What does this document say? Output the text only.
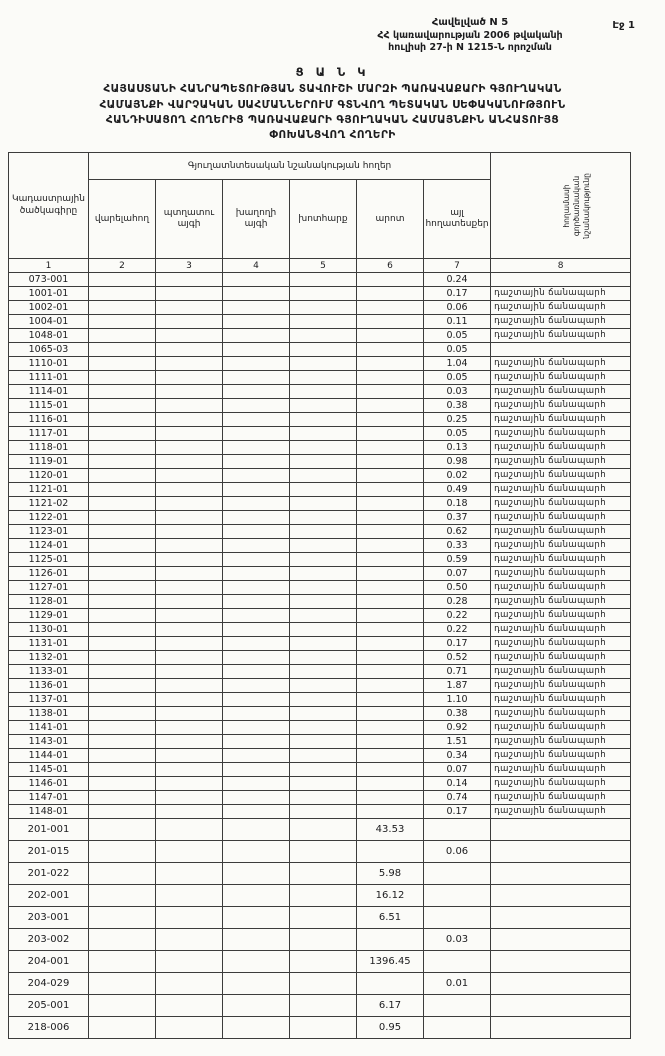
Էջ 1
Հավելված N 5
ՀՀ կառավարության 2006 թվականի
հուլիսի 27-ի N 1215-Ն որոշման
Ց Ա Ն Կ
ՀԱՅԱՍՏԱՆԻ ՀԱՆՐԱՊԵՏՈՒԹՅԱՆ ՏԱՎՈՒՇԻ ՄԱՐԶԻ ՊԱՌԱՎԱՔԱՐԻ ԳՅՈՒՂԱԿԱՆ
ՀԱՄԱՅՆՔԻ ՎԱՐՉԱԿԱՆ ՍԱՀՄԱՆՆԵՐՈՒՄ ԳՏՆՎՈՂ ՊԵՏԱԿԱՆ ՍԵՓԱԿԱՆՈՒԹՅՈՒՆ
ՀԱՆԴԻՍԱՑՈՂ ՀՈՂԵՐԻՑ ՊԱՌԱՎԱՔԱՐԻ ԳՅՈՒՂԱԿԱՆ ՀԱՄԱՅՆՔԻՆ ԱՆՀԱՏՈՒՅՑ
ՓՈԽԱՆՑՎՈՂ ՀՈՂԵՐԻ
Կադաստրային ծածկագիրը	Գյուղատնտեսական նշանակության հողեր						հողամասի գործառնական նշանակությունը

	վարելահող	պտղատու այգի	խաղողի այգի	խոտհարք	արոտ	այլ հողատեսքեր	
1	2	3	4	5	6	7	8
073-001						0.24	
1001-01						0.17	դաշտային ճանապարհ
1002-01						0.06	դաշտային ճանապարհ
1004-01						0.11	դաշտային ճանապարհ
1048-01						0.05	դաշտային ճանապարհ
1065-03						0.05	
1110-01						1.04	դաշտային ճանապարհ
1111-01						0.05	դաշտային ճանապարհ
1114-01						0.03	դաշտային ճանապարհ
1115-01						0.38	դաշտային ճանապարհ
1116-01						0.25	դաշտային ճանապարհ
1117-01						0.05	դաշտային ճանապարհ
1118-01						0.13	դաշտային ճանապարհ
1119-01						0.98	դաշտային ճանապարհ
1120-01						0.02	դաշտային ճանապարհ
1121-01						0.49	դաշտային ճանապարհ
1121-02						0.18	դաշտային ճանապարհ
1122-01						0.37	դաշտային ճանապարհ
1123-01						0.62	դաշտային ճանապարհ
1124-01						0.33	դաշտային ճանապարհ
1125-01						0.59	դաշտային ճանապարհ
1126-01						0.07	դաշտային ճանապարհ
1127-01						0.50	դաշտային ճանապարհ
1128-01						0.28	դաշտային ճանապարհ
1129-01						0.22	դաշտային ճանապարհ
1130-01						0.22	դաշտային ճանապարհ
1131-01						0.17	դաշտային ճանապարհ
1132-01						0.52	դաշտային ճանապարհ
1133-01						0.71	դաշտային ճանապարհ
1136-01						1.87	դաշտային ճանապարհ
1137-01						1.10	դաշտային ճանապարհ
1138-01						0.38	դաշտային ճանապարհ
1141-01						0.92	դաշտային ճանապարհ
1143-01						1.51	դաշտային ճանապարհ
1144-01						0.34	դաշտային ճանապարհ
1145-01						0.07	դաշտային ճանապարհ
1146-01						0.14	դաշտային ճանապարհ
1147-01						0.74	դաշտային ճանապարհ
1148-01						0.17	դաշտային ճանապարհ
201-001					43.53		
201-015						0.06	
201-022					5.98		
202-001					16.12		
203-001					6.51		
203-002						0.03	
204-001					1396.45		
204-029						0.01	
205-001					6.17		
218-006					0.95		
